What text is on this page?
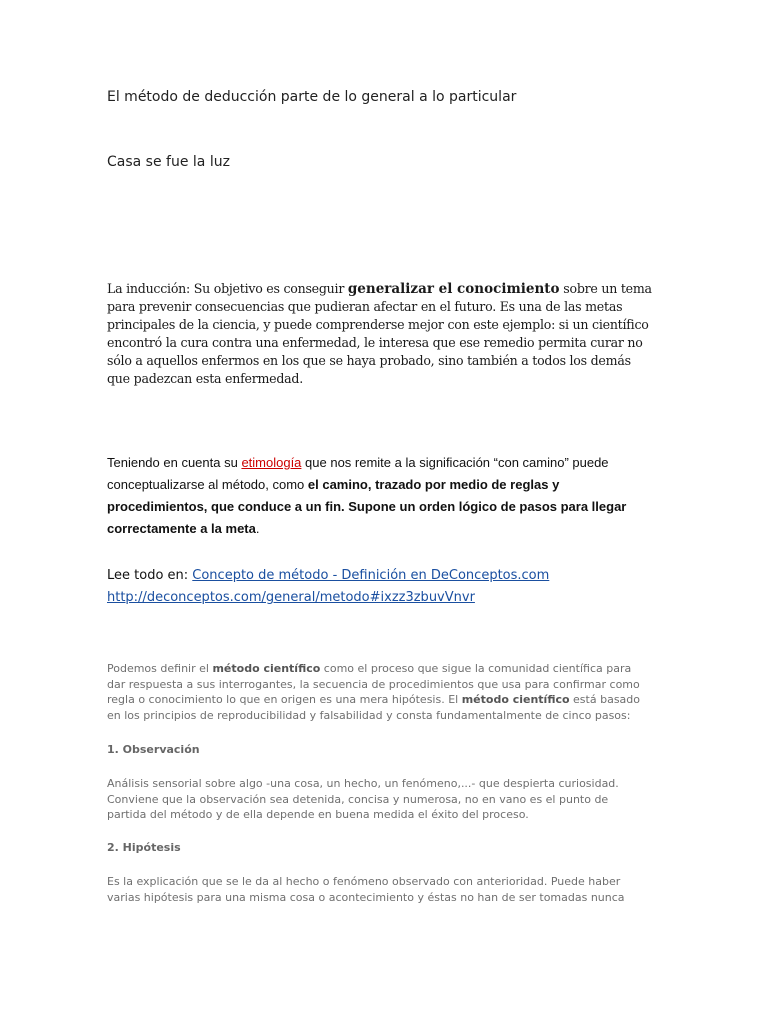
El método de deducción parte de lo general a lo particular
Casa se fue la luz
La inducción: Su objetivo es conseguir generalizar el conocimiento sobre un tema para prevenir consecuencias que pudieran afectar en el futuro. Es una de las metas principales de la ciencia, y puede comprenderse mejor con este ejemplo: si un científico encontró la cura contra una enfermedad, le interesa que ese remedio permita curar no sólo a aquellos enfermos en los que se haya probado, sino también a todos los demás que padezcan esta enfermedad.
Teniendo en cuenta su etimología que nos remite a la significación “con camino” puede conceptualizarse al método, como el camino, trazado por medio de reglas y procedimientos, que conduce a un fin. Supone un orden lógico de pasos para llegar correctamente a la meta.
Lee todo en: Concepto de método - Definición en DeConceptos.com http://deconceptos.com/general/metodo#ixzz3zbuvVnvr
Podemos definir el método científico como el proceso que sigue la comunidad científica para dar respuesta a sus interrogantes, la secuencia de procedimientos que usa para confirmar como regla o conocimiento lo que en origen es una mera hipótesis. El método científico está basado en los principios de reproducibilidad y falsabilidad y consta fundamentalmente de cinco pasos:
1. Observación
Análisis sensorial sobre algo -una cosa, un hecho, un fenómeno,...- que despierta curiosidad. Conviene que la observación sea detenida, concisa y numerosa, no en vano es el punto de partida del método y de ella depende en buena medida el éxito del proceso.
2. Hipótesis
Es la explicación que se le da al hecho o fenómeno observado con anterioridad. Puede haber varias hipótesis para una misma cosa o acontecimiento y éstas no han de ser tomadas nunca
